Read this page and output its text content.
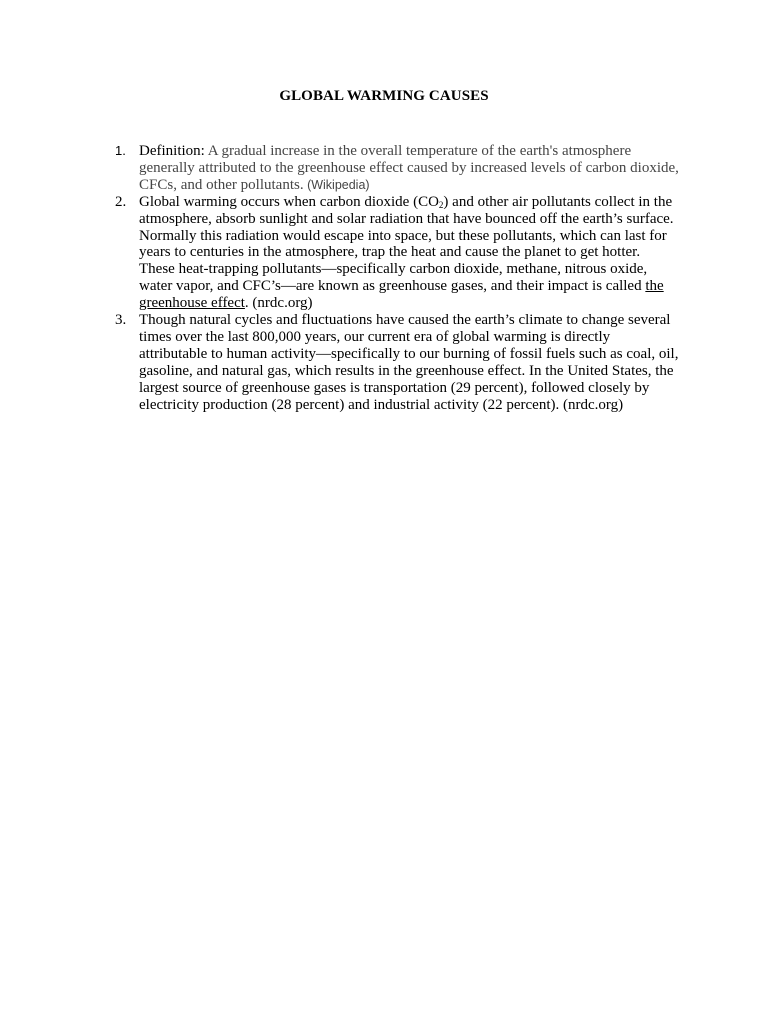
GLOBAL WARMING CAUSES
1. Definition: A gradual increase in the overall temperature of the earth's atmosphere generally attributed to the greenhouse effect caused by increased levels of carbon dioxide, CFCs, and other pollutants. (Wikipedia)
2. Global warming occurs when carbon dioxide $(CO_2)$ and other air pollutants collect in the atmosphere, absorb sunlight and solar radiation that have bounced off the earth’s surface. Normally this radiation would escape into space, but these pollutants, which can last for years to centuries in the atmosphere, trap the heat and cause the planet to get hotter. These heat-trapping pollutants—specifically carbon dioxide, methane, nitrous oxide, water vapor, and CFC’s—are known as greenhouse gases, and their impact is called the greenhouse effect. (nrdc.org)
3. Though natural cycles and fluctuations have caused the earth’s climate to change several times over the last 800,000 years, our current era of global warming is directly attributable to human activity—specifically to our burning of fossil fuels such as coal, oil, gasoline, and natural gas, which results in the greenhouse effect. In the United States, the largest source of greenhouse gases is transportation (29 percent), followed closely by electricity production (28 percent) and industrial activity (22 percent). (nrdc.org)
